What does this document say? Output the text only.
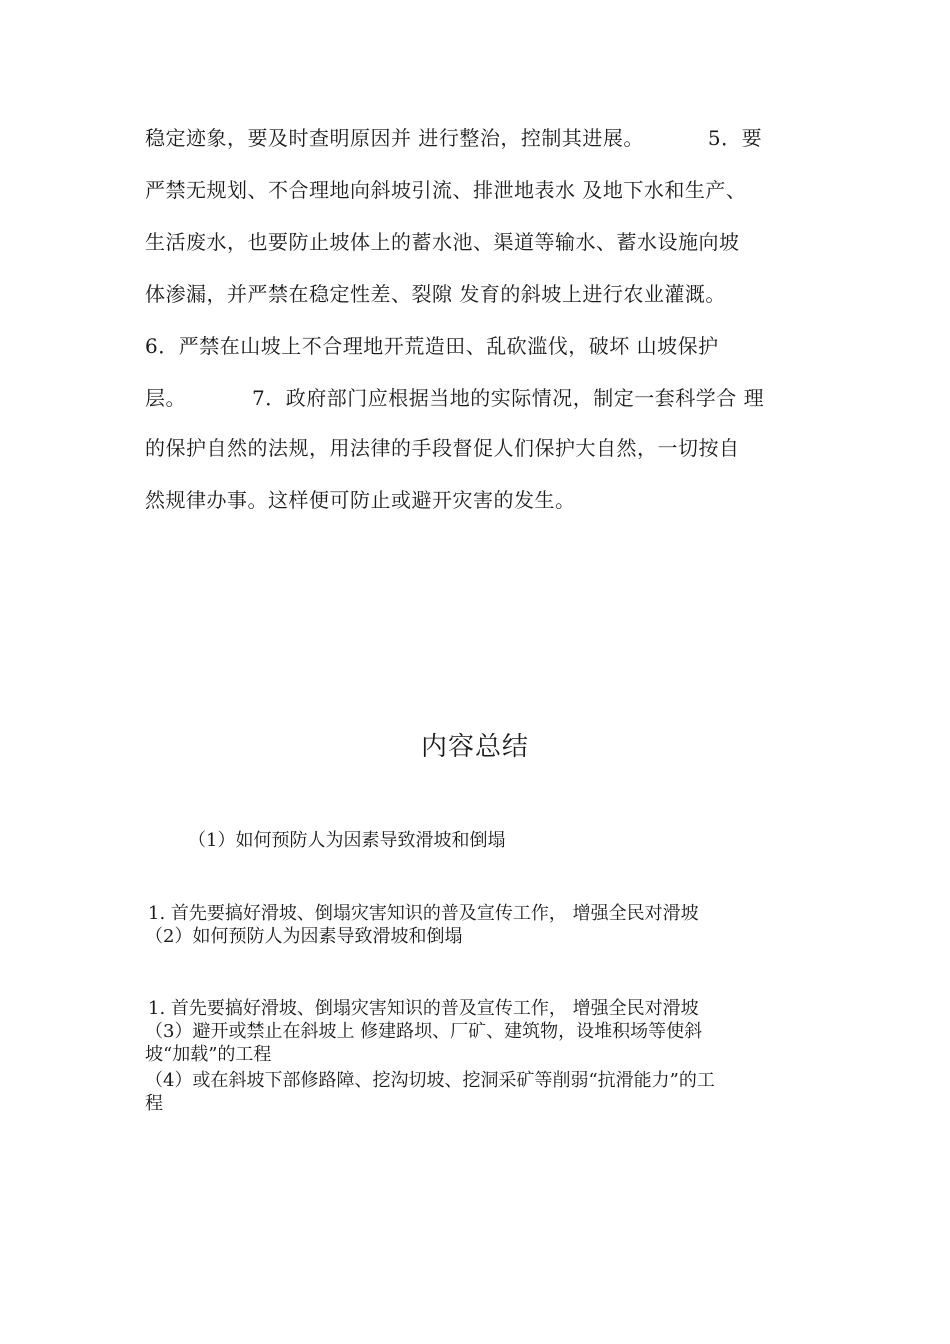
稳定迹象，要及时查明原因并 进行整治，控制其进展。	5．要
严禁无规划、不合理地向斜坡引流、排泄地表水 及地下水和生产、
生活废水，也要防止坡体上的蓄水池、渠道等输水、蓄水设施向坡
体渗漏，并严禁在稳定性差、裂隙 发育的斜坡上进行农业灌溉。
6．严禁在山坡上不合理地开荒造田、乱砍滥伐，破坏 山坡保护
层。	7．政府部门应根据当地的实际情况，制定一套科学合 理
的保护自然的法规，用法律的手段督促人们保护大自然，一切按自
然规律办事。这样便可防止或避开灾害的发生。
内容总结
（1）如何预防人为因素导致滑坡和倒塌
1. 首先要搞好滑坡、倒塌灾害知识的普及宣传工作， 增强全民对滑坡
（2）如何预防人为因素导致滑坡和倒塌
1. 首先要搞好滑坡、倒塌灾害知识的普及宣传工作， 增强全民对滑坡
（3）避开或禁止在斜坡上 修建路坝、厂矿、建筑物，设堆积场等使斜
坡“加载”的工程
（4）或在斜坡下部修路障、挖沟切坡、挖洞采矿等削弱“抗滑能力”的工
程
